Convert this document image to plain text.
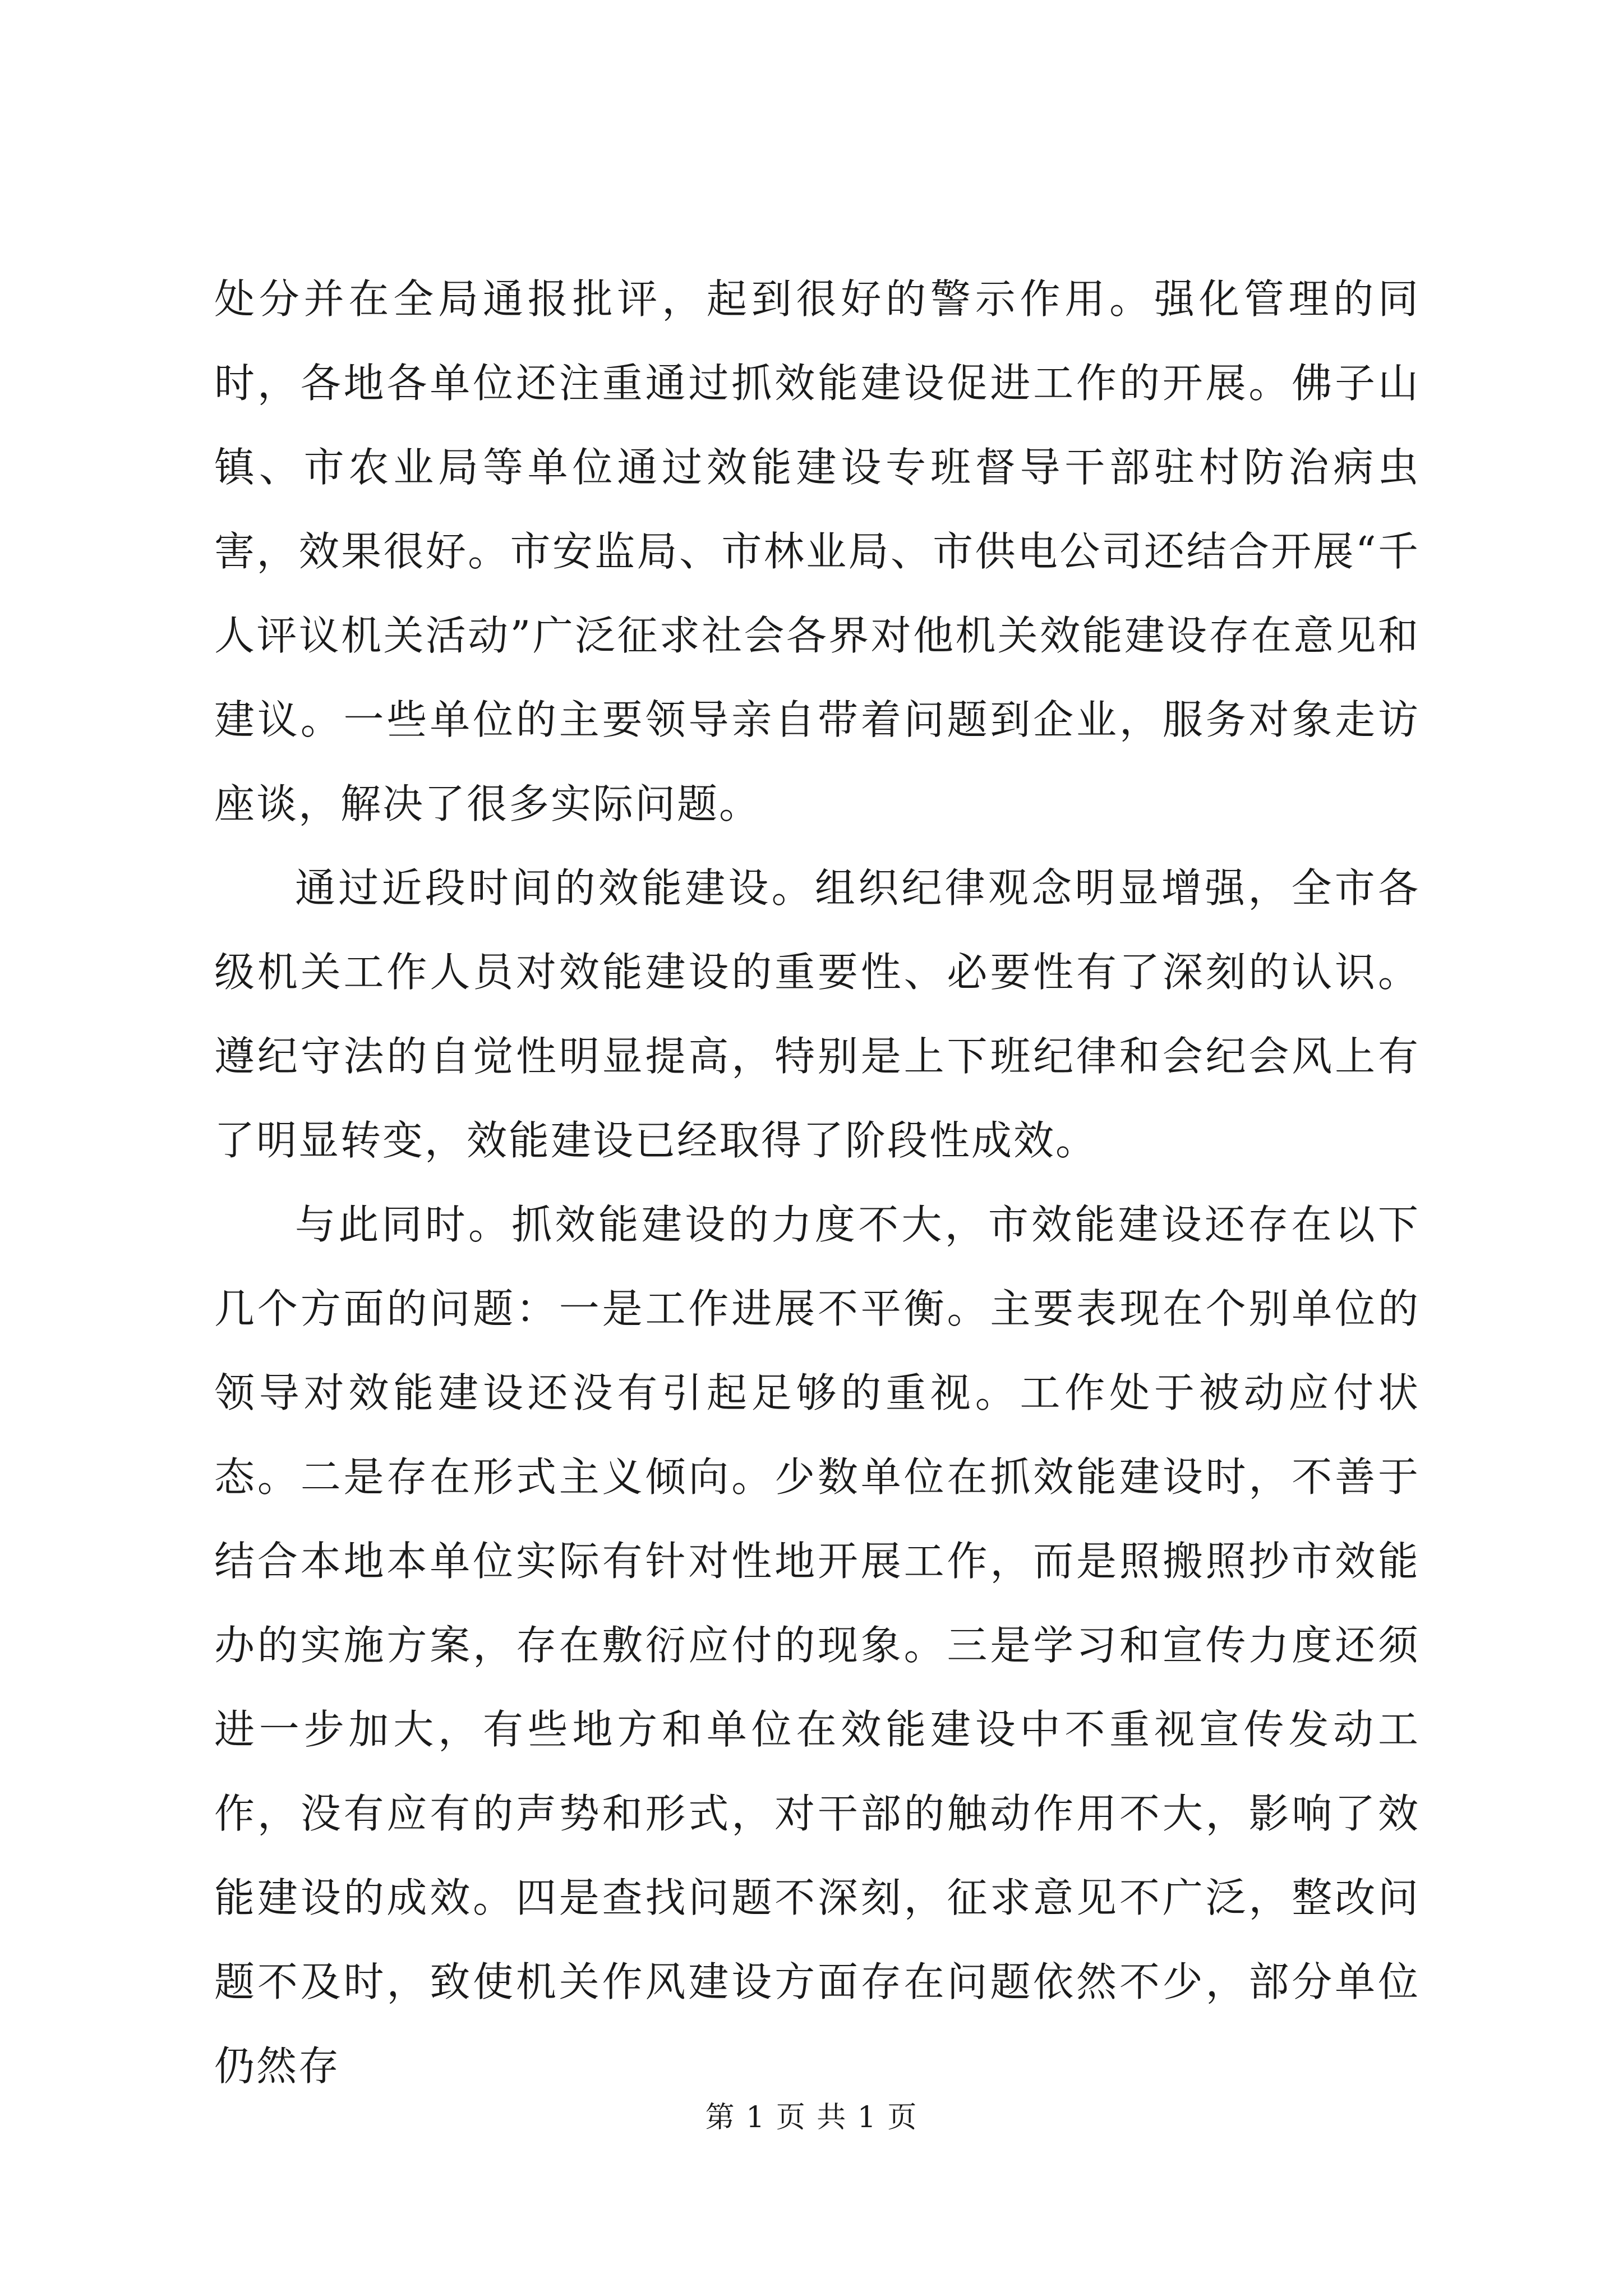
处分并在全局通报批评，起到很好的警示作用。强化管理的同时，各地各单位还注重通过抓效能建设促进工作的开展。佛子山镇、市农业局等单位通过效能建设专班督导干部驻村防治病虫害，效果很好。市安监局、市林业局、市供电公司还结合开展“千人评议机关活动”广泛征求社会各界对他机关效能建设存在意见和建议。一些单位的主要领导亲自带着问题到企业，服务对象走访座谈，解决了很多实际问题。

通过近段时间的效能建设。组织纪律观念明显增强，全市各级机关工作人员对效能建设的重要性、必要性有了深刻的认识。遵纪守法的自觉性明显提高，特别是上下班纪律和会纪会风上有了明显转变，效能建设已经取得了阶段性成效。

与此同时。抓效能建设的力度不大，市效能建设还存在以下几个方面的问题：一是工作进展不平衡。主要表现在个别单位的领导对效能建设还没有引起足够的重视。工作处于被动应付状态。二是存在形式主义倾向。少数单位在抓效能建设时，不善于结合本地本单位实际有针对性地开展工作，而是照搬照抄市效能办的实施方案，存在敷衍应付的现象。三是学习和宣传力度还须进一步加大，有些地方和单位在效能建设中不重视宣传发动工作，没有应有的声势和形式，对干部的触动作用不大，影响了效能建设的成效。四是查找问题不深刻，征求意见不广泛，整改问题不及时，致使机关作风建设方面存在问题依然不少，部分单位仍然存

第 1 页 共 1 页
